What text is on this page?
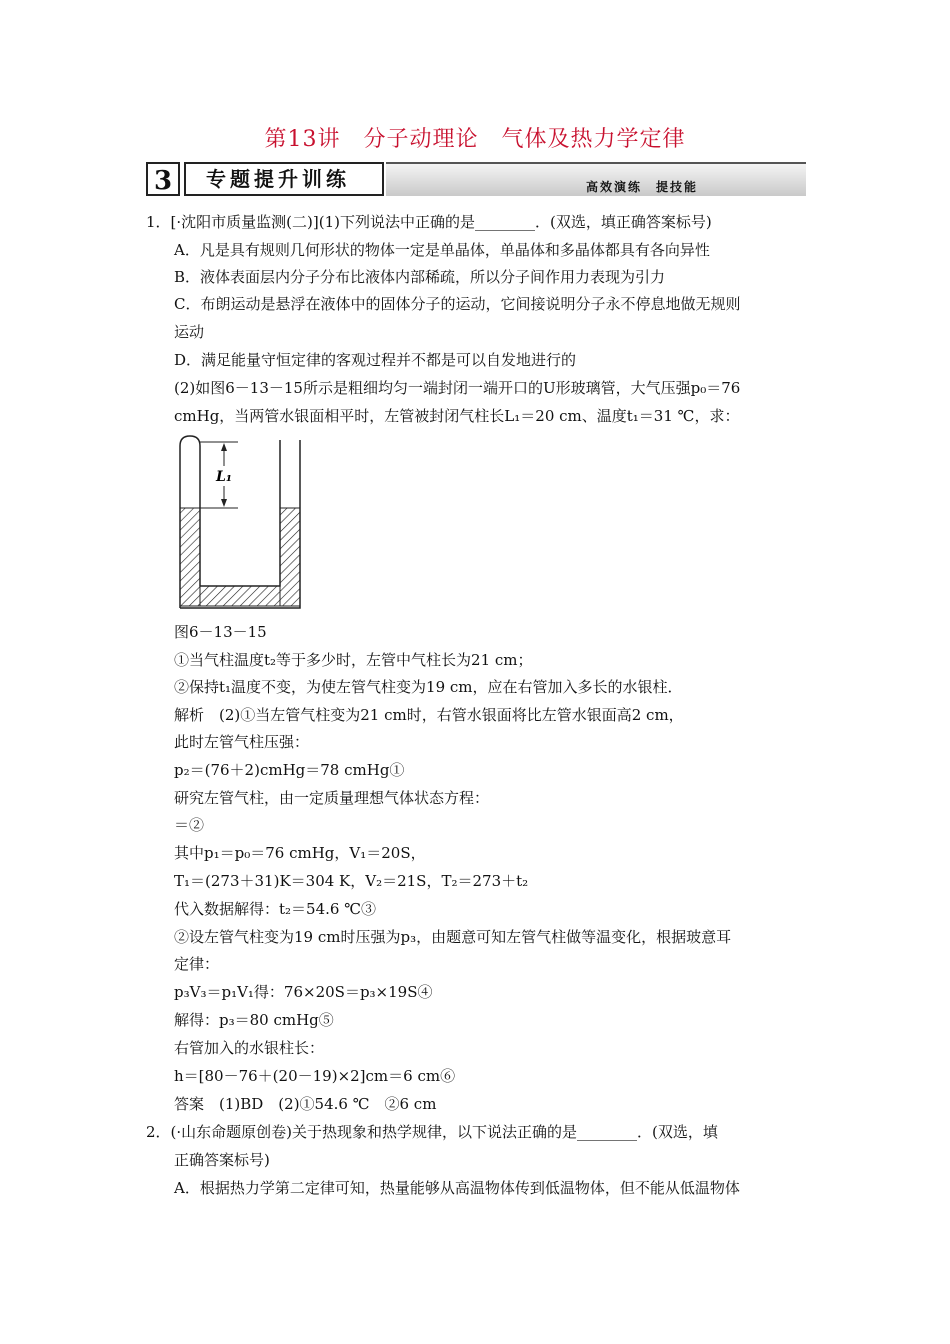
第13讲　分子动理论　气体及热力学定律
3	专题提升训练	高效演练　提技能
1．[·沈阳市质量监测(二)](1)下列说法中正确的是________．(双选，填正确答案标号)
A．凡是具有规则几何形状的物体一定是单晶体，单晶体和多晶体都具有各向异性
B．液体表面层内分子分布比液体内部稀疏，所以分子间作用力表现为引力
C．布朗运动是悬浮在液体中的固体分子的运动，它间接说明分子永不停息地做无规则
运动
D．满足能量守恒定律的客观过程并不都是可以自发地进行的
(2)如图6－13－15所示是粗细均匀一端封闭一端开口的U形玻璃管，大气压强p₀＝76
cmHg，当两管水银面相平时，左管被封闭气柱长L₁＝20 cm、温度t₁＝31 ℃，求：
L₁
图6－13－15
①当气柱温度t₂等于多少时，左管中气柱长为21 cm；
②保持t₁温度不变，为使左管气柱变为19 cm，应在右管加入多长的水银柱．
解析　(2)①当左管气柱变为21 cm时，右管水银面将比左管水银面高2 cm，
此时左管气柱压强：
p₂＝(76＋2)cmHg＝78 cmHg①
研究左管气柱，由一定质量理想气体状态方程：
＝②
其中p₁＝p₀＝76 cmHg，V₁＝20S，
T₁＝(273＋31)K＝304 K，V₂＝21S，T₂＝273＋t₂
代入数据解得：t₂＝54.6 ℃③
②设左管气柱变为19 cm时压强为p₃，由题意可知左管气柱做等温变化，根据玻意耳
定律：
p₃V₃＝p₁V₁得：76×20S＝p₃×19S④
解得：p₃＝80 cmHg⑤
右管加入的水银柱长：
h＝[80－76＋(20－19)×2]cm＝6 cm⑥
答案　(1)BD　(2)①54.6 ℃　②6 cm
2．(·山东命题原创卷)关于热现象和热学规律，以下说法正确的是________．(双选，填
正确答案标号)
A．根据热力学第二定律可知，热量能够从高温物体传到低温物体，但不能从低温物体
